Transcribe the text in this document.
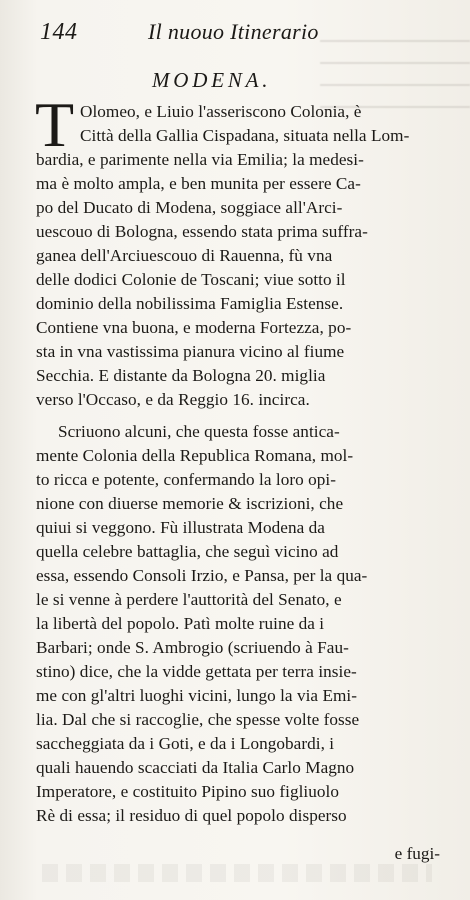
144	Il nuouo Itinerario
MODENA.
T Olomeo, e Liuio l'asseriscono Colonia, è
Città della Gallia Cispadana, situata nella Lom-
bardia, e parimente nella via Emilia; la medesi-
ma è molto ampla, e ben munita per essere Ca-
po del Ducato di Modena, soggiace all'Arci-
uescouo di Bologna, essendo stata prima suffra-
ganea dell'Arciuescouo di Rauenna, fù vna
delle dodici Colonie de Toscani; viue sotto il
dominio della nobilissima Famiglia Estense.
Contiene vna buona, e moderna Fortezza, po-
sta in vna vastissima pianura vicino al fiume
Secchia. E distante da Bologna 20. miglia
verso l'Occaso, e da Reggio 16. incirca.
Scriuono alcuni, che questa fosse antica-
mente Colonia della Republica Romana, mol-
to ricca e potente, confermando la loro opi-
nione con diuerse memorie & iscrizioni, che
quiui si veggono. Fù illustrata Modena da
quella celebre battaglia, che seguì vicino ad
essa, essendo Consoli Irzio, e Pansa, per la qua-
le si venne à perdere l'auttorità del Senato, e
la libertà del popolo. Patì molte ruine da i
Barbari; onde S. Ambrogio (scriuendo à Fau-
stino) dice, che la vidde gettata per terra insie-
me con gl'altri luoghi vicini, lungo la via Emi-
lia. Dal che si raccoglie, che spesse volte fosse
saccheggiata da i Goti, e da i Longobardi, i
quali hauendo scacciati da Italia Carlo Magno
Imperatore, e costituito Pipino suo figliuolo
Rè di essa; il residuo di quel popolo disperso
e fugi-
